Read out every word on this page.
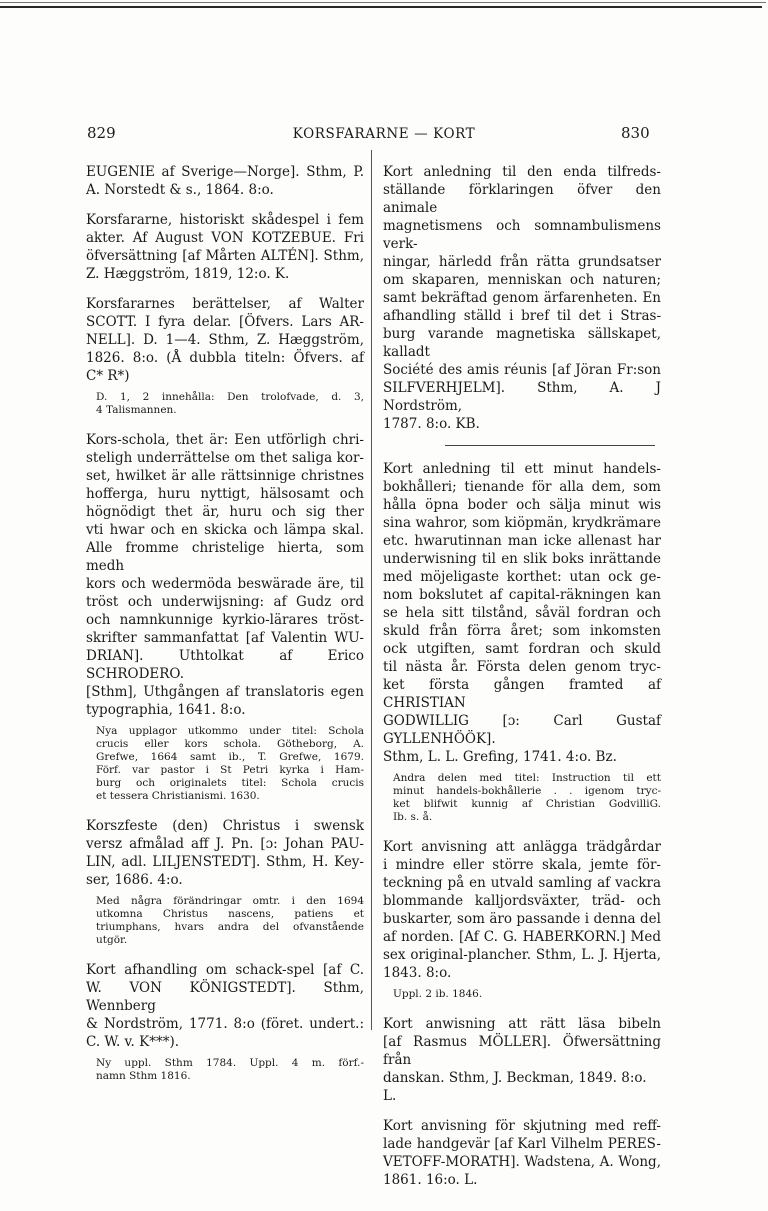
829	KORSFARARNE — KORT	830
EUGENIE af Sverige—Norge]. Sthm, P.
A. Norstedt & s., 1864. 8:o.
Korsfararne, historiskt skådespel i fem
akter. Af August VON KOTZEBUE. Fri
öfversättning [af Mårten ALTÉN]. Sthm,
Z. Hæggström, 1819, 12:o. K.
Korsfararnes berättelser, af Walter
SCOTT. I fyra delar. [Öfvers. Lars AR-
NELL]. D. 1—4. Sthm, Z. Hæggström,
1826. 8:o. (Å dubbla titeln: Öfvers. af
C* R*)
D. 1, 2 innehålla: Den trolofvade, d. 3,
4 Talismannen.
Kors-schola, thet är: Een utförligh chri-
steligh underrättelse om thet saliga kor-
set, hwilket är alle rättsinnige christnes
hofferga, huru nyttigt, hälsosamt och
högnödigt thet är, huru och sig ther
vti hwar och en skicka och lämpa skal.
Alle fromme christelige hierta, som medh
kors och wedermöda beswärade äre, til
tröst och underwijsning: af Gudz ord
och namnkunnige kyrkio-lärares tröst-
skrifter sammanfattat [af Valentin WU-
DRIAN]. Uthtolkat af Erico SCHRODERO.
[Sthm], Uthgången af translatoris egen
typographia, 1641. 8:o.
Nya upplagor utkommo under titel: Schola
crucis eller kors schola. Götheborg, A.
Grefwe, 1664 samt ib., T. Grefwe, 1679.
Förf. var pastor i St Petri kyrka i Ham-
burg och originalets titel: Schola crucis
et tessera Christianismi. 1630.
Korszfeste (den) Christus i swensk
versz afmålad aff J. Pn. [ɔ: Johan PAU-
LIN, adl. LILJENSTEDT]. Sthm, H. Key-
ser, 1686. 4:o.
Med några förändringar omtr. i den 1694
utkomna Christus nascens, patiens et
triumphans, hvars andra del ofvanstående
utgör.
Kort afhandling om schack-spel [af C.
W. VON KÖNIGSTEDT]. Sthm, Wennberg
& Nordström, 1771. 8:o (föret. undert.:
C. W. v. K***).
Ny uppl. Sthm 1784. Uppl. 4 m. förf.-
namn Sthm 1816.
Kort anledning til den enda tilfreds-
ställande förklaringen öfver den animale
magnetismens och somnambulismens verk-
ningar, härledd från rätta grundsatser
om skaparen, menniskan och naturen;
samt bekräftad genom ärfarenheten. En
afhandling ställd i bref til det i Stras-
burg varande magnetiska sällskapet, kalladt
Société des amis réunis [af Jöran Fr:son
SILFVERHJELM]. Sthm, A. J Nordström,
1787. 8:o. KB.
Kort anledning til ett minut handels-
bokhålleri; tienande för alla dem, som
hålla öpna boder och sälja minut wis
sina wahror, som kiöpmän, krydkrämare
etc. hwarutinnan man icke allenast har
underwisning til en slik boks inrättande
med möjeligaste korthet: utan ock ge-
nom bokslutet af capital-räkningen kan
se hela sitt tilstånd, såväl fordran och
skuld från förra året; som inkomsten
ock utgiften, samt fordran och skuld
til nästa år. Första delen genom tryc-
ket första gången framted af CHRISTIAN
GODWILLIG [ɔ: Carl Gustaf GYLLENHÖÖK].
Sthm, L. L. Grefing, 1741. 4:o. Bz.
Andra delen med titel: Instruction til ett
minut handels-bokhållerie . . igenom tryc-
ket blifwit kunnig af Christian GodvilliG.
Ib. s. å.
Kort anvisning att anlägga trädgårdar
i mindre eller större skala, jemte för-
teckning på en utvald samling af vackra
blommande kalljordsväxter, träd- och
buskarter, som äro passande i denna del
af norden. [Af C. G. HABERKORN.] Med
sex original-plancher. Sthm, L. J. Hjerta,
1843. 8:o.
Uppl. 2 ib. 1846.
Kort anwisning att rätt läsa bibeln
[af Rasmus MÖLLER]. Öfwersättning från
danskan. Sthm, J. Beckman, 1849. 8:o. L.
Kort anvisning för skjutning med reff-
lade handgevär [af Karl Vilhelm PERES-
VETOFF-MORATH]. Wadstena, A. Wong,
1861. 16:o. L.
